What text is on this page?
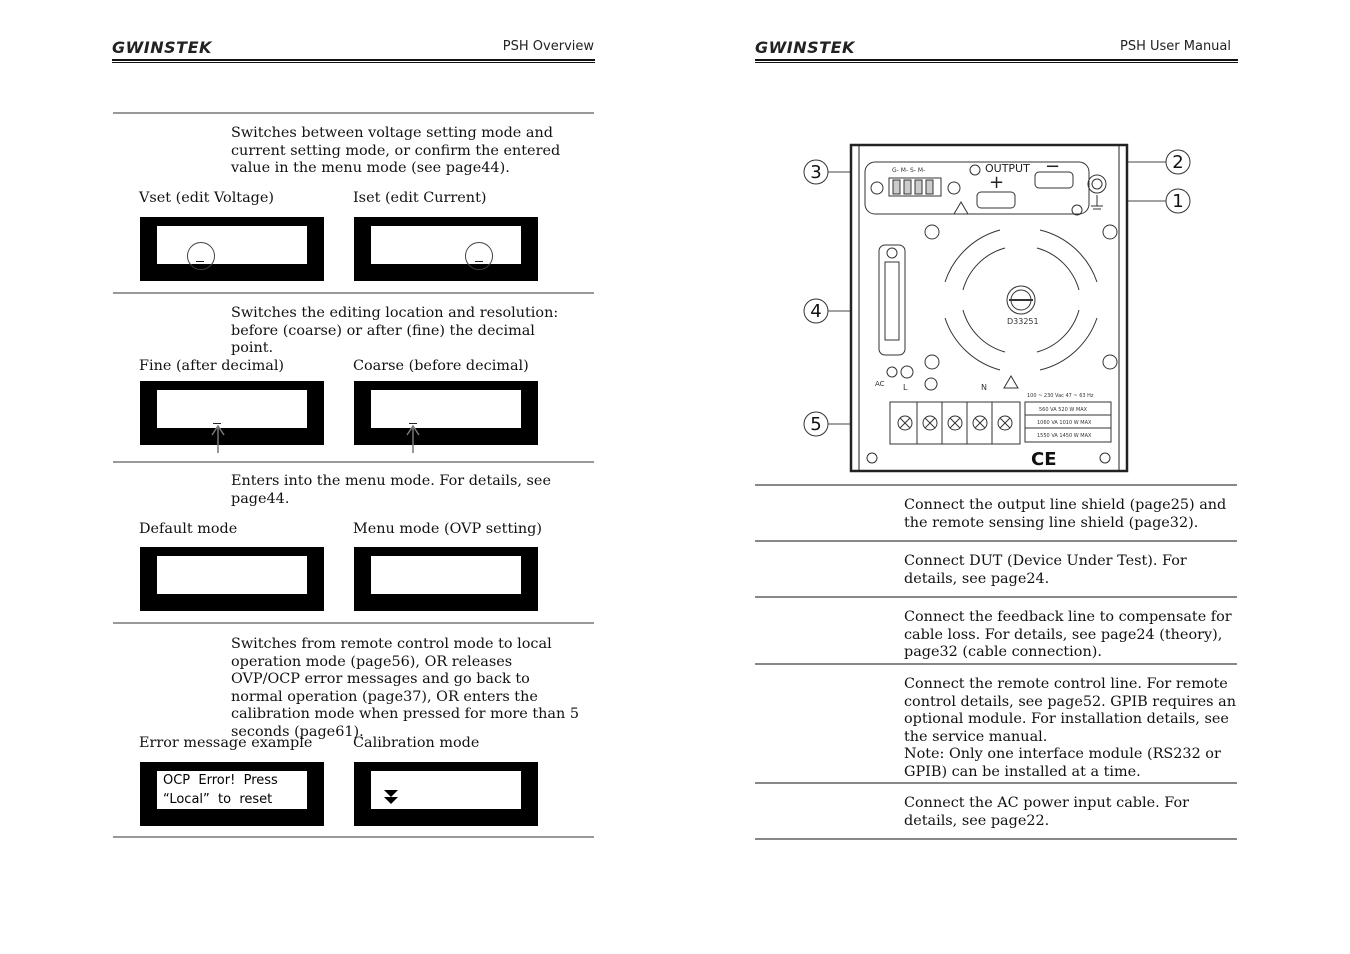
GWINSTEK	PSH Overview
Switches between voltage setting mode and current setting mode, or confirm the entered value in the menu mode (see page44).
Vset (edit Voltage)	Iset (edit Current)
Switches the editing location and resolution: before (coarse) or after (fine) the decimal point.
Fine (after decimal)	Coarse (before decimal)
Enters into the menu mode. For details, see page44.
Default mode	Menu mode (OVP setting)
Switches from remote control mode to local operation mode (page56), OR releases OVP/OCP error messages and go back to normal operation (page37), OR enters the calibration mode when pressed for more than 5 seconds (page61).
Error message example	Calibration mode
OCP  Error!  Press
“Local”  to  reset
GWINSTEK	PSH User Manual
3	2
1
4
5
G- M- S- M-	OUTPUT
+
−
D33251
AC L	N
100 ~ 230 Vac 47 ~ 63 Hz
560 VA 520 W MAX
1060 VA 1010 W MAX
1550 VA 1450 W MAX
CE
Connect the output line shield (page25) and the remote sensing line shield (page32).
Connect DUT (Device Under Test). For details, see page24.
Connect the feedback line to compensate for cable loss. For details, see page24 (theory), page32 (cable connection).
Connect the remote control line. For remote control details, see page52. GPIB requires an optional module. For installation details, see the service manual.
Note: Only one interface module (RS232 or GPIB) can be installed at a time.
Connect the AC power input cable. For details, see page22.
